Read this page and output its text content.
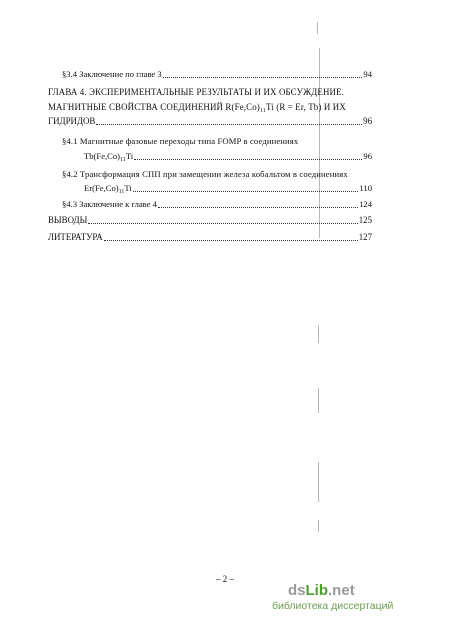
§3.4 Заключение по главе 3	94
ГЛАВА 4. ЭКСПЕРИМЕНТАЛЬНЫЕ РЕЗУЛЬТАТЫ И ИХ ОБСУЖДЕНИЕ.
МАГНИТНЫЕ СВОЙСТВА СОЕДИНЕНИЙ $R(Fe,Co)_{11}Ti$ (R = Er, Tb) И ИХ
ГИДРИДОВ	96
§4.1 Магнитные фазовые переходы типа FOMP в соединениях
$Tb(Fe,Co)_{11}Ti$	96
§4.2 Трансформация СПП при замещении железа кобальтом в соединениях
$Er(Fe,Co)_{11}Ti$	110
§4.3 Заключение к главе 4	124
ВЫВОДЫ	125
ЛИТЕРАТУРА	127
– 2 –
dsLib.net
библиотека диссертаций
